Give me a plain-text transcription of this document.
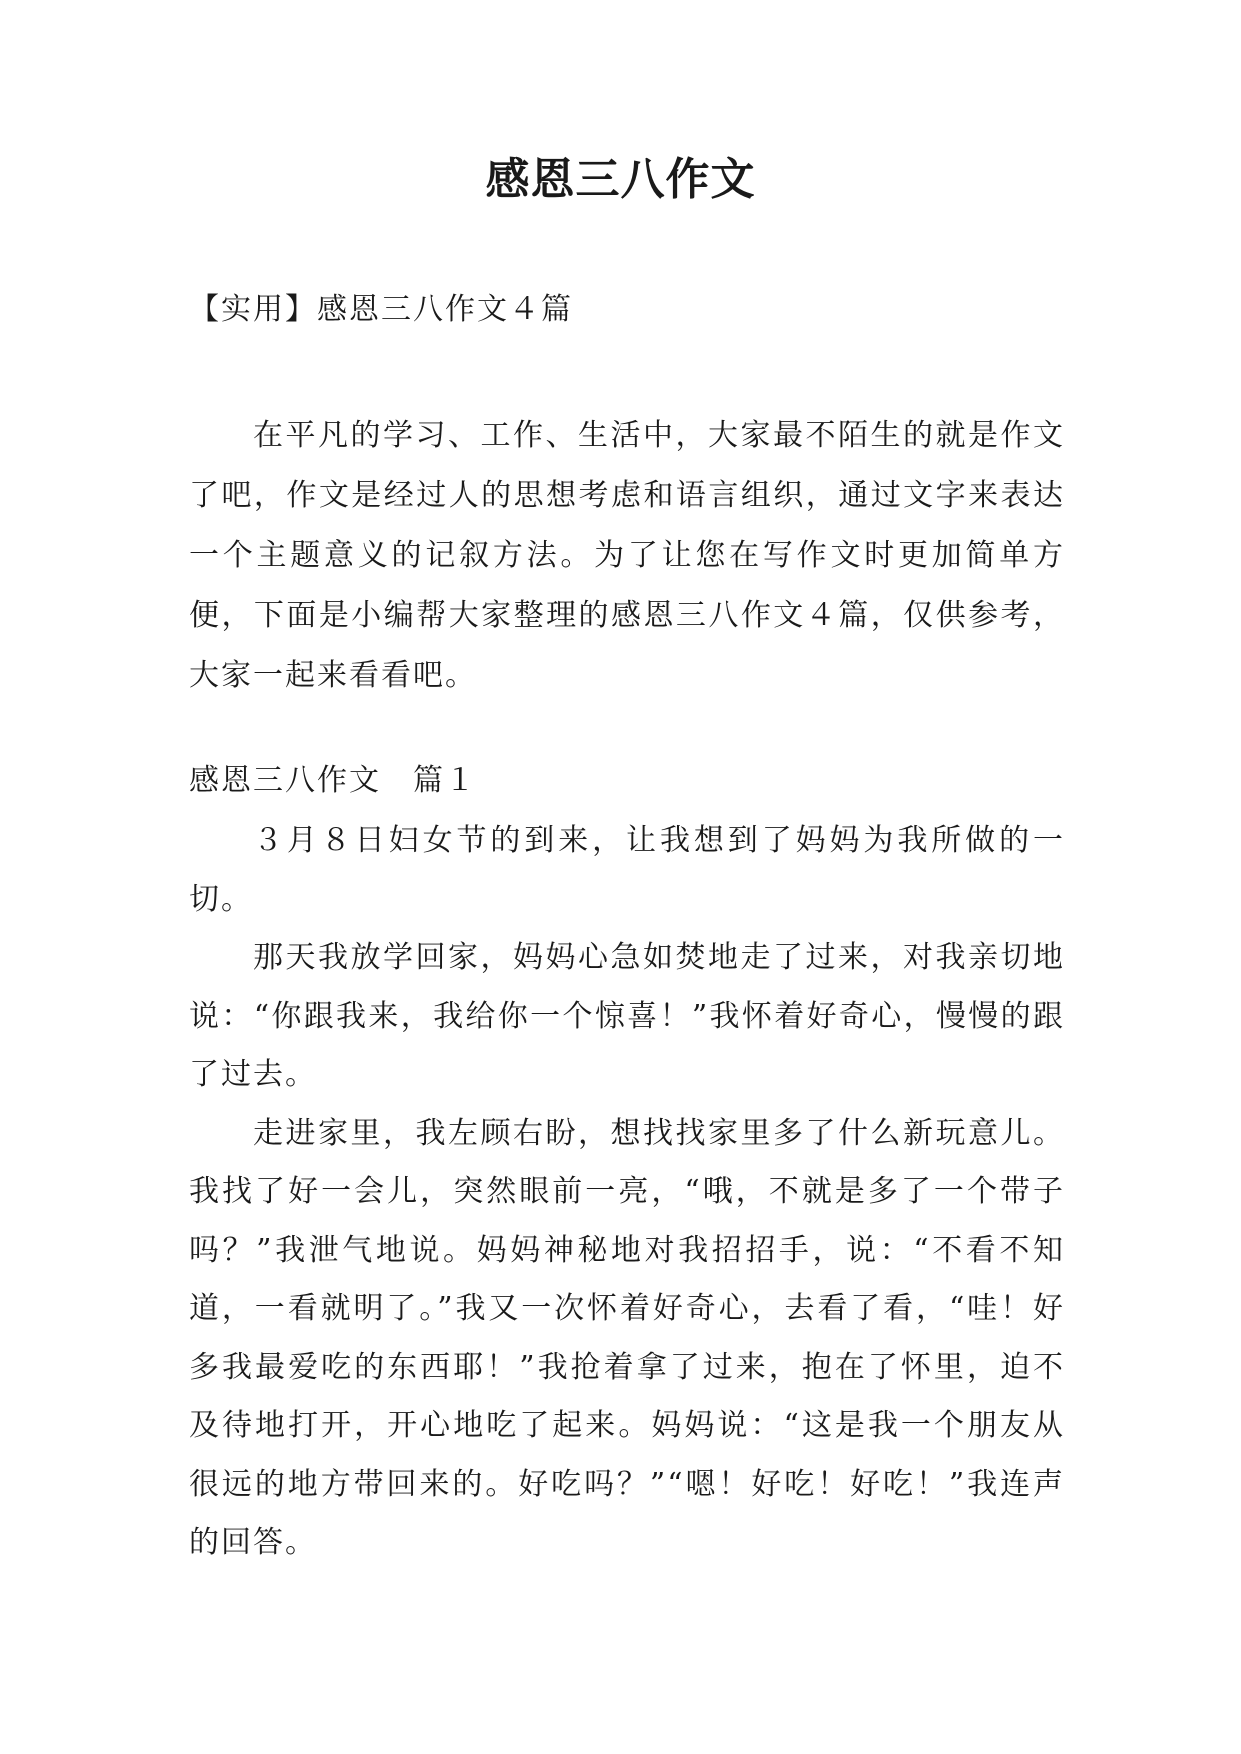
感恩三八作文
【实用】感恩三八作文４篇

在平凡的学习、工作、生活中，大家最不陌生的就是作文了吧，作文是经过人的思想考虑和语言组织，通过文字来表达一个主题意义的记叙方法。为了让您在写作文时更加简单方便，下面是小编帮大家整理的感恩三八作文４篇，仅供参考，大家一起来看看吧。

感恩三八作文　篇１

３月８日妇女节的到来，让我想到了妈妈为我所做的一切。

那天我放学回家，妈妈心急如焚地走了过来，对我亲切地说：“你跟我来，我给你一个惊喜！”我怀着好奇心，慢慢的跟了过去。

走进家里，我左顾右盼，想找找家里多了什么新玩意儿。我找了好一会儿，突然眼前一亮，“哦，不就是多了一个带子吗？”我泄气地说。妈妈神秘地对我招招手，说：“不看不知道，一看就明了。”我又一次怀着好奇心，去看了看，“哇！好多我最爱吃的东西耶！”我抢着拿了过来，抱在了怀里，迫不及待地打开，开心地吃了起来。妈妈说：“这是我一个朋友从很远的地方带回来的。好吃吗？”“嗯！好吃！好吃！”我连声的回答。
